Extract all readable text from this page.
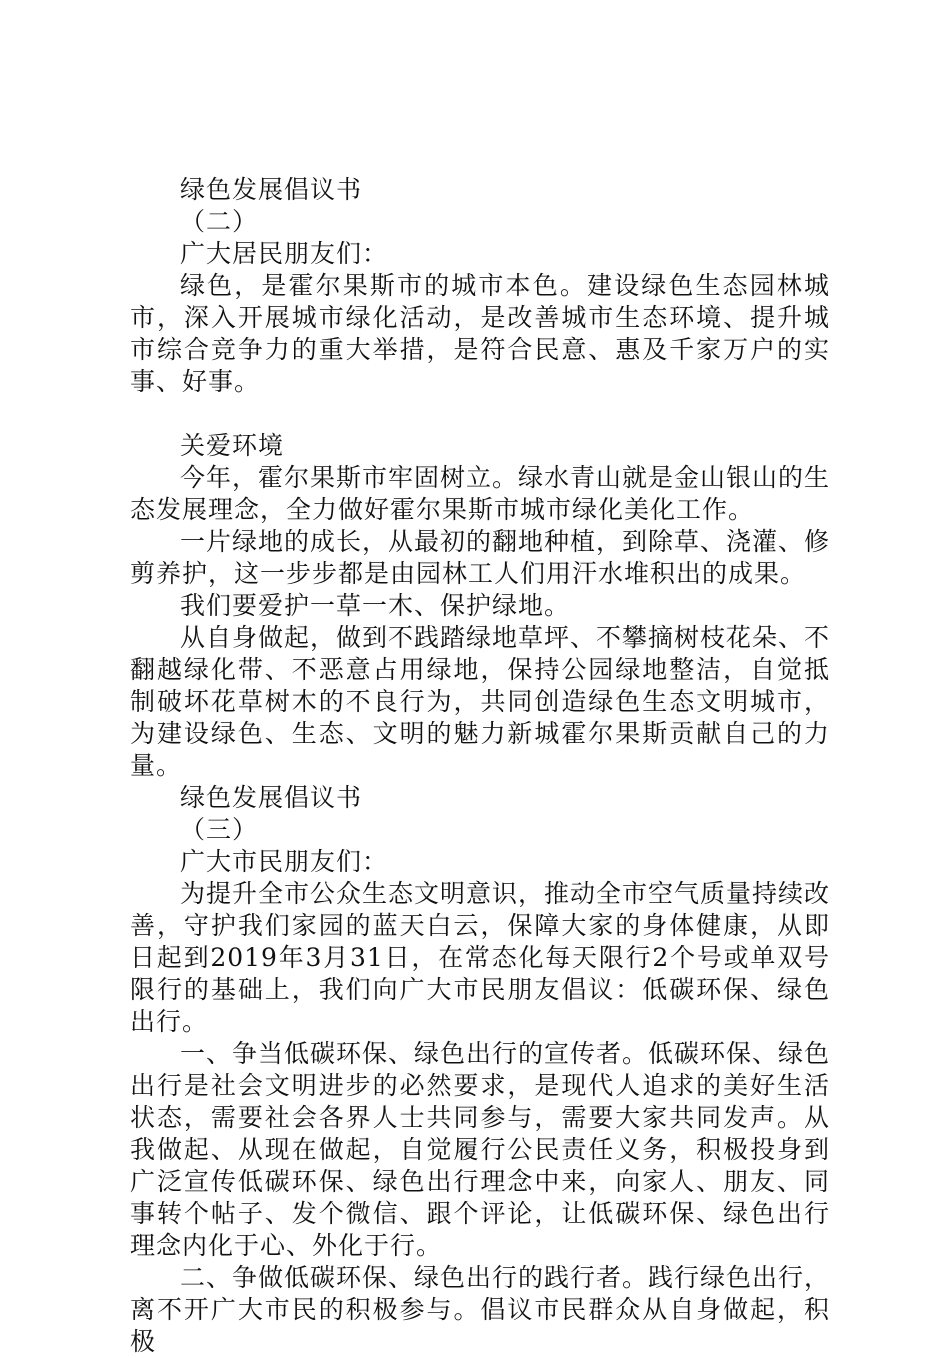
绿色发展倡议书

（二）

广大居民朋友们：

绿色，是霍尔果斯市的城市本色。建设绿色生态园林城市，深入开展城市绿化活动，是改善城市生态环境、提升城市综合竞争力的重大举措，是符合民意、惠及千家万户的实事、好事。

关爱环境

今年，霍尔果斯市牢固树立。绿水青山就是金山银山的生态发展理念，全力做好霍尔果斯市城市绿化美化工作。

一片绿地的成长，从最初的翻地种植，到除草、浇灌、修剪养护，这一步步都是由园林工人们用汗水堆积出的成果。

我们要爱护一草一木、保护绿地。

从自身做起，做到不践踏绿地草坪、不攀摘树枝花朵、不翻越绿化带、不恶意占用绿地，保持公园绿地整洁，自觉抵制破坏花草树木的不良行为，共同创造绿色生态文明城市，为建设绿色、生态、文明的魅力新城霍尔果斯贡献自己的力量。

绿色发展倡议书

（三）

广大市民朋友们：

为提升全市公众生态文明意识，推动全市空气质量持续改善，守护我们家园的蓝天白云，保障大家的身体健康，从即日起到2019年3月31日，在常态化每天限行2个号或单双号限行的基础上，我们向广大市民朋友倡议：低碳环保、绿色出行。

一、争当低碳环保、绿色出行的宣传者。低碳环保、绿色出行是社会文明进步的必然要求，是现代人追求的美好生活状态，需要社会各界人士共同参与，需要大家共同发声。从我做起、从现在做起，自觉履行公民责任义务，积极投身到广泛宣传低碳环保、绿色出行理念中来，向家人、朋友、同事转个帖子、发个微信、跟个评论，让低碳环保、绿色出行理念内化于心、外化于行。

二、争做低碳环保、绿色出行的践行者。践行绿色出行，离不开广大市民的积极参与。倡议市民群众从自身做起，积极
